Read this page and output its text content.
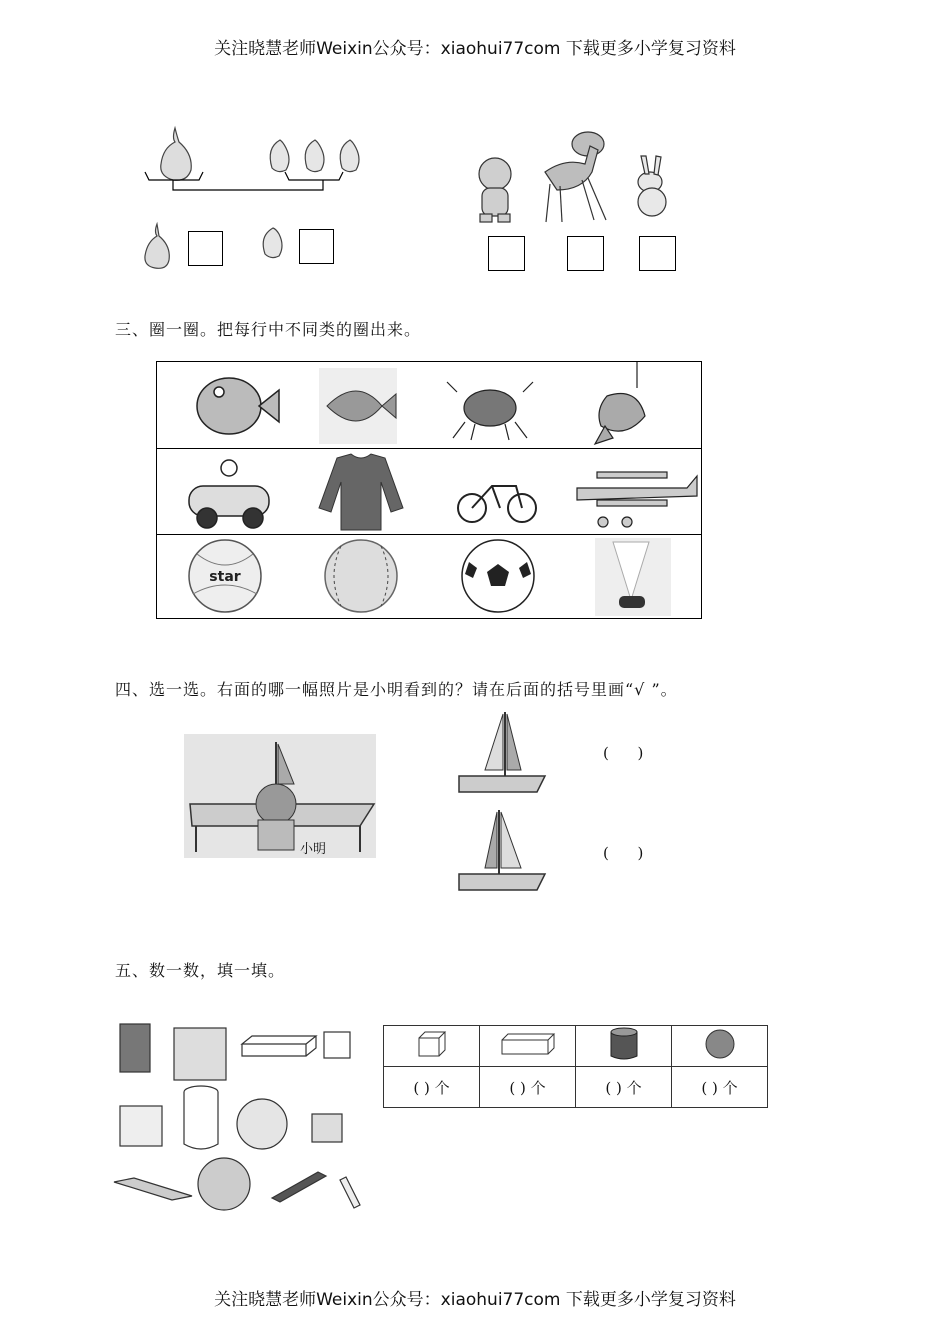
关注晓慧老师Weixin公众号：xiaohui77com 下载更多小学复习资料
三、圈一圈。把每行中不同类的圈出来。
star
四、选一选。右面的哪一幅照片是小明看到的？请在后面的括号里画“√ ”。
小明
(      )
(      )
五、数一数，填一填。

( ) 个	( ) 个	( ) 个	( ) 个
关注晓慧老师Weixin公众号：xiaohui77com 下载更多小学复习资料
